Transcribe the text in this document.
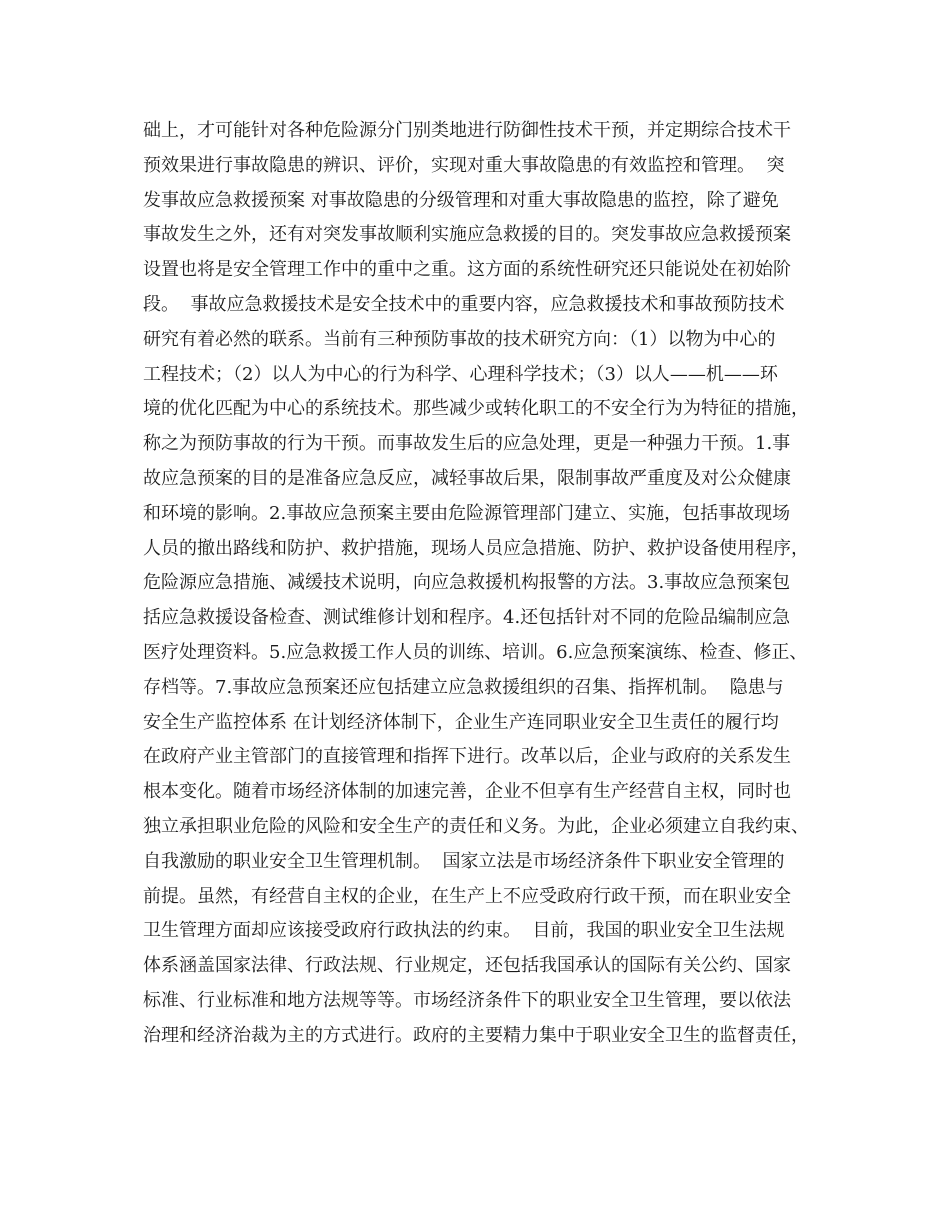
础上，才可能针对各种危险源分门别类地进行防御性技术干预，并定期综合技术干
预效果进行事故隐患的辨识、评价，实现对重大事故隐患的有效监控和管理。  突
发事故应急救援预案 对事故隐患的分级管理和对重大事故隐患的监控，除了避免
事故发生之外，还有对突发事故顺利实施应急救援的目的。突发事故应急救援预案
设置也将是安全管理工作中的重中之重。这方面的系统性研究还只能说处在初始阶
段。  事故应急救援技术是安全技术中的重要内容，应急救援技术和事故预防技术
研究有着必然的联系。当前有三种预防事故的技术研究方向：（1）以物为中心的
工程技术；（2）以人为中心的行为科学、心理科学技术；（3）以人——机——环
境的优化匹配为中心的系统技术。那些减少或转化职工的不安全行为为特征的措施，
称之为预防事故的行为干预。而事故发生后的应急处理，更是一种强力干预。1.事
故应急预案的目的是准备应急反应，减轻事故后果，限制事故严重度及对公众健康
和环境的影响。2.事故应急预案主要由危险源管理部门建立、实施，包括事故现场
人员的撤出路线和防护、救护措施，现场人员应急措施、防护、救护设备使用程序，
危险源应急措施、减缓技术说明，向应急救援机构报警的方法。3.事故应急预案包
括应急救援设备检查、测试维修计划和程序。4.还包括针对不同的危险品编制应急
医疗处理资料。5.应急救援工作人员的训练、培训。6.应急预案演练、检查、修正、
存档等。7.事故应急预案还应包括建立应急救援组织的召集、指挥机制。  隐患与
安全生产监控体系 在计划经济体制下，企业生产连同职业安全卫生责任的履行均
在政府产业主管部门的直接管理和指挥下进行。改革以后，企业与政府的关系发生
根本变化。随着市场经济体制的加速完善，企业不但享有生产经营自主权，同时也
独立承担职业危险的风险和安全生产的责任和义务。为此，企业必须建立自我约束、
自我激励的职业安全卫生管理机制。  国家立法是市场经济条件下职业安全管理的
前提。虽然，有经营自主权的企业，在生产上不应受政府行政干预，而在职业安全
卫生管理方面却应该接受政府行政执法的约束。  目前，我国的职业安全卫生法规
体系涵盖国家法律、行政法规、行业规定，还包括我国承认的国际有关公约、国家
标准、行业标准和地方法规等等。市场经济条件下的职业安全卫生管理，要以依法
治理和经济治裁为主的方式进行。政府的主要精力集中于职业安全卫生的监督责任，
